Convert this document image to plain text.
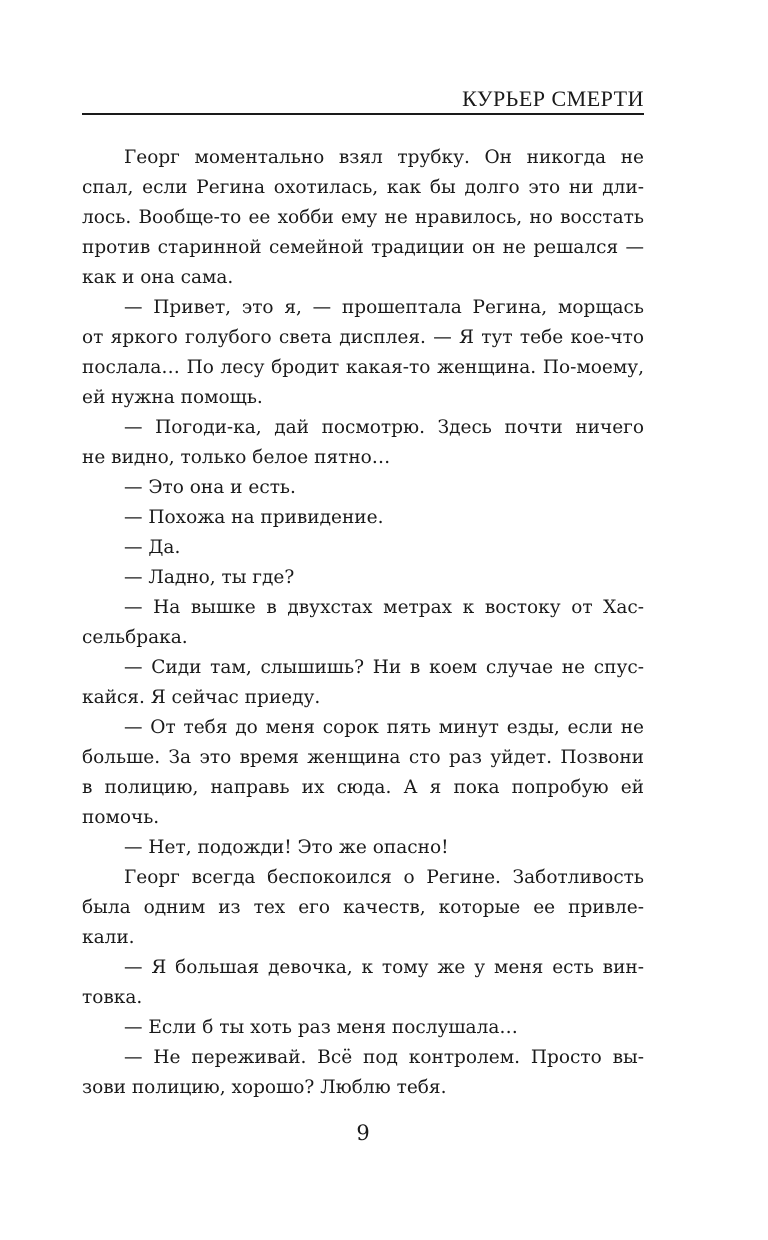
КУРЬЕР СМЕРТИ
Георг моментально взял трубку. Он никогда не
спал, если Регина охотилась, как бы долго это ни дли-
лось. Вообще-то ее хобби ему не нравилось, но восстать
против старинной семейной традиции он не решался —
как и она сама.
— Привет, это я, — прошептала Регина, морщась
от яркого голубого света дисплея. — Я тут тебе кое-что
послала… По лесу бродит какая-то женщина. По-моему,
ей нужна помощь.
— Погоди-ка, дай посмотрю. Здесь почти ничего
не видно, только белое пятно…
— Это она и есть.
— Похожа на привидение.
— Да.
— Ладно, ты где?
— На вышке в двухстах метрах к востоку от Хас-
сельбрака.
— Сиди там, слышишь? Ни в коем случае не спус-
кайся. Я сейчас приеду.
— От тебя до меня сорок пять минут езды, если не
больше. За это время женщина сто раз уйдет. Позвони
в полицию, направь их сюда. А я пока попробую ей
помочь.
— Нет, подожди! Это же опасно!
Георг всегда беспокоился о Регине. Заботливость
была одним из тех его качеств, которые ее привле-
кали.
— Я большая девочка, к тому же у меня есть вин-
товка.
— Если б ты хоть раз меня послушала…
— Не переживай. Всё под контролем. Просто вы-
зови полицию, хорошо? Люблю тебя.
9
